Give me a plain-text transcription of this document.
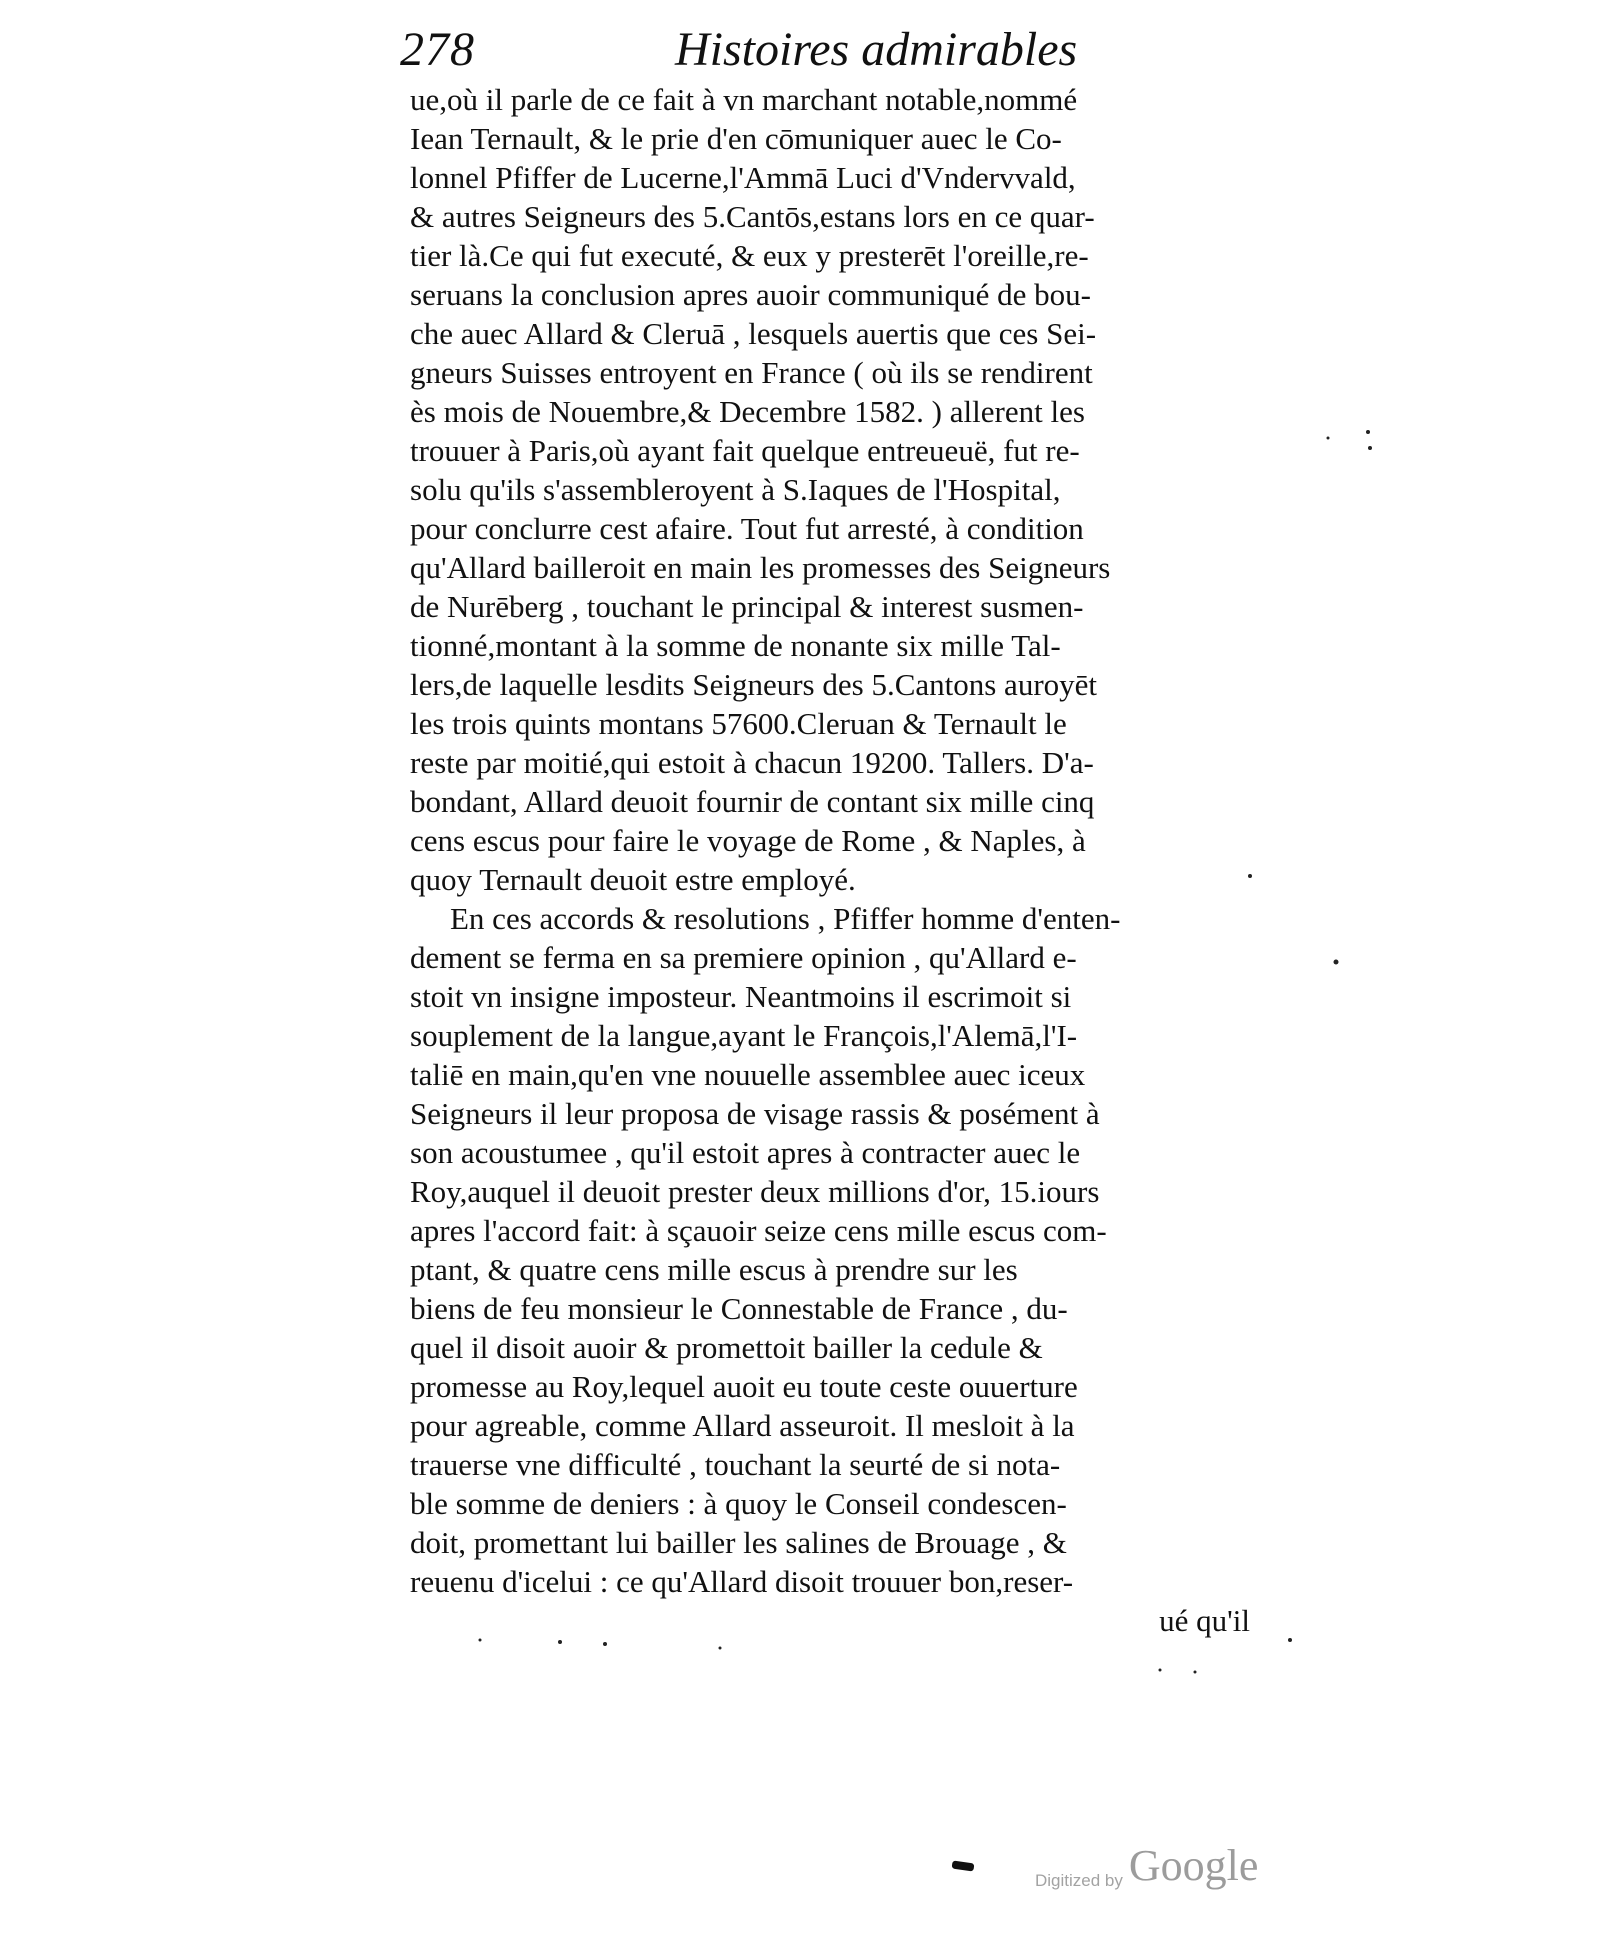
278	Histoires admirables
ue,où il parle de ce fait à vn marchant notable,nommé
Iean Ternault, & le prie d'en cōmuniquer auec le Co-
lonnel Pfiffer de Lucerne,l'Ammā Luci d'Vndervvald,
& autres Seigneurs des 5.Cantōs,estans lors en ce quar-
tier là.Ce qui fut executé, & eux y presterēt l'oreille,re-
seruans la conclusion apres auoir communiqué de bou-
che auec Allard & Cleruā , lesquels auertis que ces Sei-
gneurs Suisses entroyent en France ( où ils se rendirent
ès mois de Nouembre,& Decembre 1582. ) allerent les
trouuer à Paris,où ayant fait quelque entreueuë, fut re-
solu qu'ils s'assembleroyent à S.Iaques de l'Hospital,
pour conclurre cest afaire. Tout fut arresté, à condition
qu'Allard bailleroit en main les promesses des Seigneurs
de Nurēberg , touchant le principal & interest susmen-
tionné,montant à la somme de nonante six mille Tal-
lers,de laquelle lesdits Seigneurs des 5.Cantons auroyēt
les trois quints montans 57600.Cleruan & Ternault le
reste par moitié,qui estoit à chacun 19200. Tallers. D'a-
bondant, Allard deuoit fournir de contant six mille cinq
cens escus pour faire le voyage de Rome , & Naples, à
quoy Ternault deuoit estre employé.
En ces accords & resolutions , Pfiffer homme d'enten-
dement se ferma en sa premiere opinion , qu'Allard e-
stoit vn insigne imposteur. Neantmoins il escrimoit si
souplement de la langue,ayant le François,l'Alemā,l'I-
taliē en main,qu'en vne nouuelle assemblee auec iceux
Seigneurs il leur proposa de visage rassis & posément à
son acoustumee , qu'il estoit apres à contracter auec le
Roy,auquel il deuoit prester deux millions d'or, 15.iours
apres l'accord fait: à sçauoir seize cens mille escus com-
ptant, & quatre cens mille escus à prendre sur les
biens de feu monsieur le Connestable de France , du-
quel il disoit auoir & promettoit bailler la cedule &
promesse au Roy,lequel auoit eu toute ceste ouuerture
pour agreable, comme Allard asseuroit. Il mesloit à la
trauerse vne difficulté , touchant la seurté de si nota-
ble somme de deniers : à quoy le Conseil condescen-
doit, promettant lui bailler les salines de Brouage , &
reuenu d'icelui : ce qu'Allard disoit trouuer bon,reser-
ué qu'il
Digitized by Google
